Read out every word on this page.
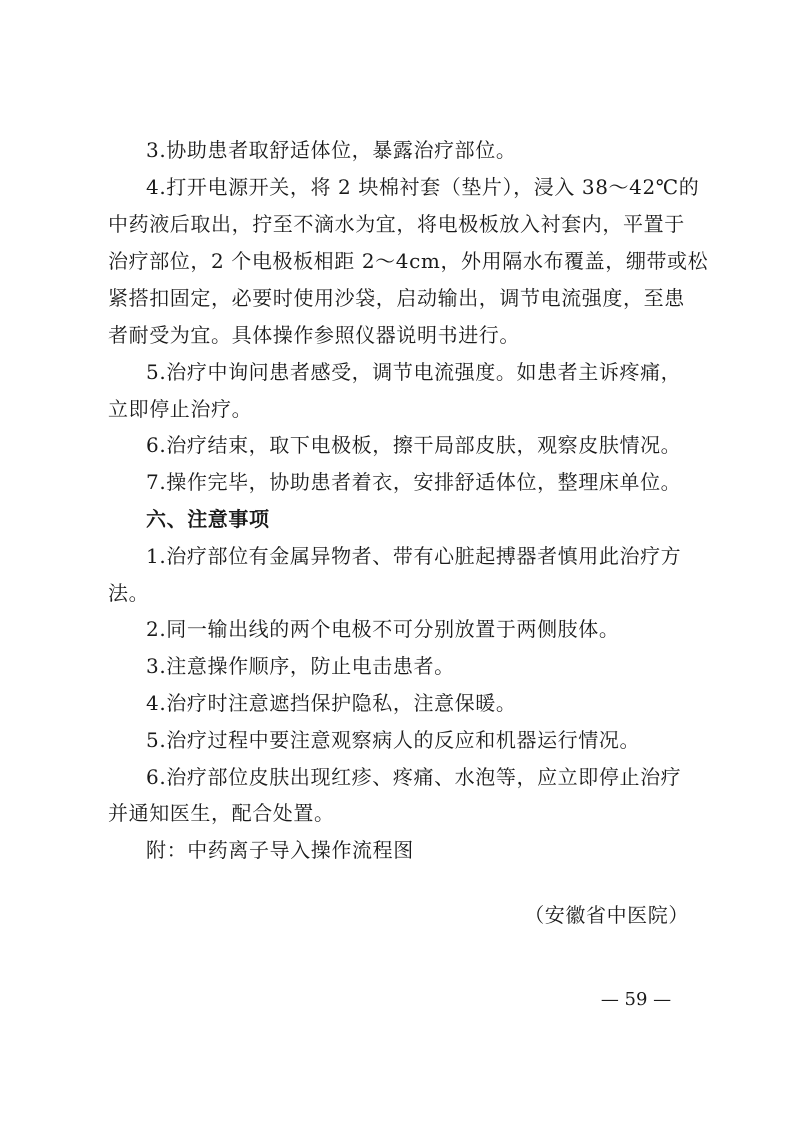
3.协助患者取舒适体位，暴露治疗部位。
4.打开电源开关，将 2 块棉衬套（垫片），浸入 38～42℃的
中药液后取出，拧至不滴水为宜，将电极板放入衬套内，平置于
治疗部位，2 个电极板相距 2～4cm，外用隔水布覆盖，绷带或松
紧搭扣固定，必要时使用沙袋，启动输出，调节电流强度，至患
者耐受为宜。具体操作参照仪器说明书进行。
5.治疗中询问患者感受，调节电流强度。如患者主诉疼痛，
立即停止治疗。
6.治疗结束，取下电极板，擦干局部皮肤，观察皮肤情况。
7.操作完毕，协助患者着衣，安排舒适体位，整理床单位。
六、注意事项
1.治疗部位有金属异物者、带有心脏起搏器者慎用此治疗方
法。
2.同一输出线的两个电极不可分别放置于两侧肢体。
3.注意操作顺序，防止电击患者。
4.治疗时注意遮挡保护隐私，注意保暖。
5.治疗过程中要注意观察病人的反应和机器运行情况。
6.治疗部位皮肤出现红疹、疼痛、水泡等，应立即停止治疗
并通知医生，配合处置。
附：中药离子导入操作流程图
（安徽省中医院）
— 59 —
